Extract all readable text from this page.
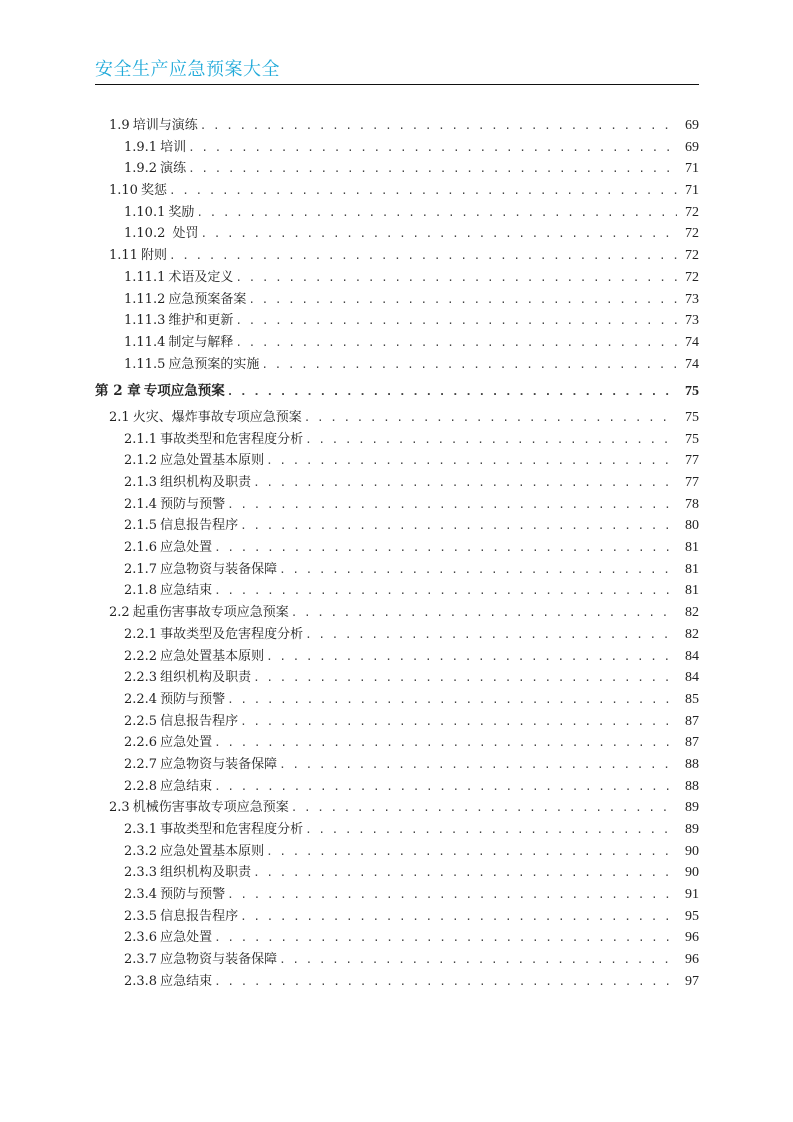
安全生产应急预案大全
1.9 培训与演练 . . .	69
1.9.1 培训 . . .	69
1.9.2 演练 . . .	71
1.10 奖惩 . . .	71
1.10.1 奖励 . . .	72
1.10.2 处罚 . . .	72
1.11 附则 . . .	72
1.11.1 术语及定义 . . .	72
1.11.2 应急预案备案 . . .	73
1.11.3 维护和更新 . . .	73
1.11.4 制定与解释 . . .	74
1.11.5 应急预案的实施 . . .	74
第 2 章 专项应急预案 . . .	75
2.1 火灾、爆炸事故专项应急预案 . . .	75
2.1.1 事故类型和危害程度分析 . . .	75
2.1.2 应急处置基本原则 . . .	77
2.1.3 组织机构及职责 . . .	77
2.1.4 预防与预警 . . .	78
2.1.5 信息报告程序 . . .	80
2.1.6 应急处置 . . .	81
2.1.7 应急物资与装备保障 . . .	81
2.1.8 应急结束 . . .	81
2.2 起重伤害事故专项应急预案 . . .	82
2.2.1 事故类型及危害程度分析 . . .	82
2.2.2 应急处置基本原则 . . .	84
2.2.3 组织机构及职责 . . .	84
2.2.4 预防与预警 . . .	85
2.2.5 信息报告程序 . . .	87
2.2.6 应急处置 . . .	87
2.2.7 应急物资与装备保障 . . .	88
2.2.8 应急结束 . . .	88
2.3 机械伤害事故专项应急预案 . . .	89
2.3.1 事故类型和危害程度分析 . . .	89
2.3.2 应急处置基本原则 . . .	90
2.3.3 组织机构及职责 . . .	90
2.3.4 预防与预警 . . .	91
2.3.5 信息报告程序 . . .	95
2.3.6 应急处置 . . .	96
2.3.7 应急物资与装备保障 . . .	96
2.3.8 应急结束 . . .	97
